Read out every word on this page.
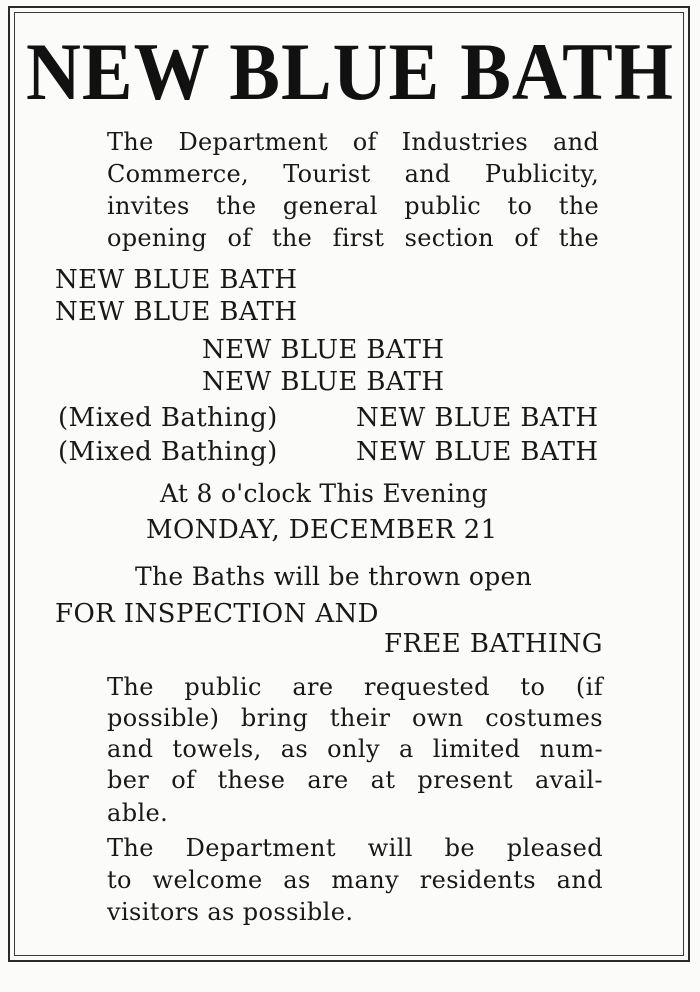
NEW BLUE BATH
The Department of Industries and
Commerce, Tourist and Publicity,
invites the general public to the
opening of the first section of the
NEW BLUE BATH
NEW BLUE BATH
NEW BLUE BATH
NEW BLUE BATH
(Mixed Bathing)	NEW BLUE BATH
(Mixed Bathing)	NEW BLUE BATH
At 8 o'clock This Evening
MONDAY, DECEMBER 21
The Baths will be thrown open
FOR INSPECTION AND
FREE BATHING
The public are requested to (if
possible) bring their own costumes
and towels, as only a limited num-
ber of these are at present avail-
able.
The Department will be pleased
to welcome as many residents and
visitors as possible.
